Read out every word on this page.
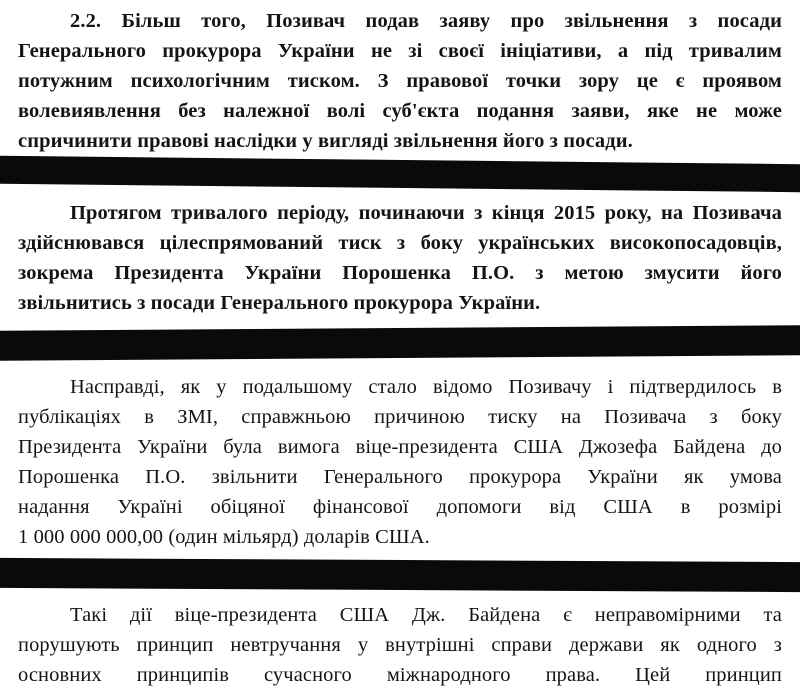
2.2. Більш того, Позивач подав заяву про звільнення з посади
Генерального прокурора України не зі своєї ініціативи, а під тривалим
потужним психологічним тиском. З правової точки зору це є проявом
волевиявлення без належної волі суб'єкта подання заяви, яке не може
спричинити правові наслідки у вигляді звільнення його з посади.
Протягом тривалого періоду, починаючи з кінця 2015 року, на Позивача
здійснювався цілеспрямований тиск з боку українських високопосадовців,
зокрема Президента України Порошенка П.О. з метою змусити його
звільнитись з посади Генерального прокурора України.
Насправді, як у подальшому стало відомо Позивачу і підтвердилось в
публікаціях в ЗМІ, справжньою причиною тиску на Позивача з боку
Президента України була вимога віце-президента США Джозефа Байдена до
Порошенка П.О. звільнити Генерального прокурора України як умова
надання Україні обіцяної фінансової допомоги від США в розмірі
1 000 000 000,00 (один мільярд) доларів США.
Такі дії віце-президента США Дж. Байдена є неправомірними та
порушують принцип невтручання у внутрішні справи держави як одного з
основних принципів сучасного міжнародного права. Цей принцип
